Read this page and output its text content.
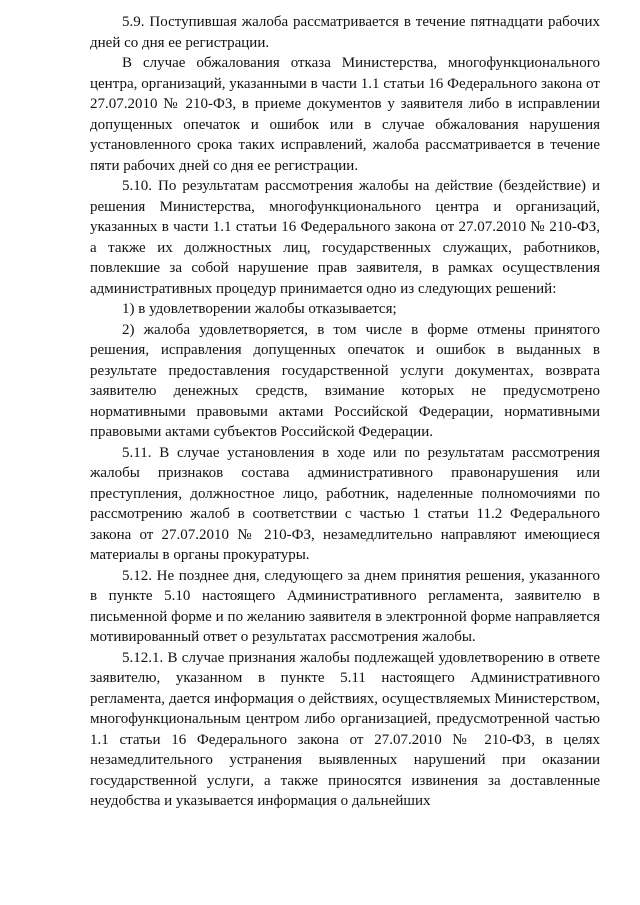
5.9. Поступившая жалоба рассматривается в течение пятнадцати рабочих дней со дня ее регистрации.

В случае обжалования отказа Министерства, многофункционального центра, организаций, указанными в части 1.1 статьи 16 Федерального закона от 27.07.2010 № 210-ФЗ, в приеме документов у заявителя либо в исправлении допущенных опечаток и ошибок или в случае обжалования нарушения установленного срока таких исправлений, жалоба рассматривается в течение пяти рабочих дней со дня ее регистрации.

5.10. По результатам рассмотрения жалобы на действие (бездействие) и решения Министерства, многофункционального центра и организаций, указанных в части 1.1 статьи 16 Федерального закона от 27.07.2010 № 210-ФЗ, а также их должностных лиц, государственных служащих, работников, повлекшие за собой нарушение прав заявителя, в рамках осуществления административных процедур принимается одно из следующих решений:

1) в удовлетворении жалобы отказывается;

2) жалоба удовлетворяется, в том числе в форме отмены принятого решения, исправления допущенных опечаток и ошибок в выданных в результате предоставления государственной услуги документах, возврата заявителю денежных средств, взимание которых не предусмотрено нормативными правовыми актами Российской Федерации, нормативными правовыми актами субъектов Российской Федерации.

5.11. В случае установления в ходе или по результатам рассмотрения жалобы признаков состава административного правонарушения или преступления, должностное лицо, работник, наделенные полномочиями по рассмотрению жалоб в соответствии с частью 1 статьи 11.2 Федерального закона от 27.07.2010 № 210-ФЗ, незамедлительно направляют имеющиеся материалы в органы прокуратуры.

5.12. Не позднее дня, следующего за днем принятия решения, указанного в пункте 5.10 настоящего Административного регламента, заявителю в письменной форме и по желанию заявителя в электронной форме направляется мотивированный ответ о результатах рассмотрения жалобы.

5.12.1. В случае признания жалобы подлежащей удовлетворению в ответе заявителю, указанном в пункте 5.11 настоящего Административного регламента, дается информация о действиях, осуществляемых Министерством, многофункциональным центром либо организацией, предусмотренной частью 1.1 статьи 16 Федерального закона от 27.07.2010 № 210-ФЗ, в целях незамедлительного устранения выявленных нарушений при оказании государственной услуги, а также приносятся извинения за доставленные неудобства и указывается информация о дальнейших
